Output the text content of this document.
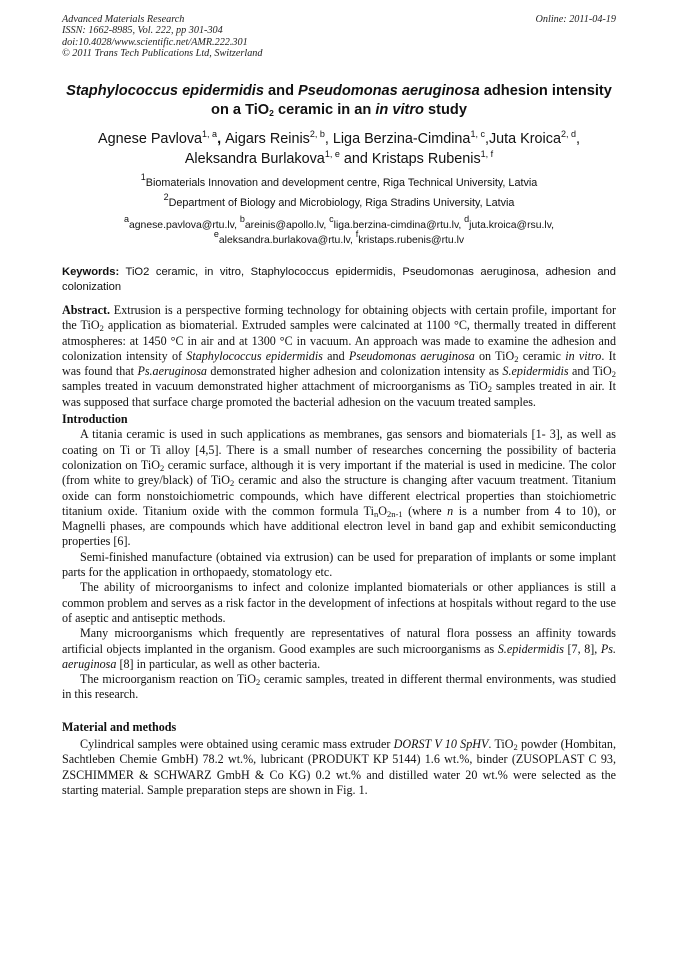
Advanced Materials Research
ISSN: 1662-8985, Vol. 222, pp 301-304
doi:10.4028/www.scientific.net/AMR.222.301
© 2011 Trans Tech Publications Ltd, Switzerland
Online: 2011-04-19
Staphylococcus epidermidis and Pseudomonas aeruginosa adhesion intensity on a TiO$_2$ ceramic in an in vitro study
Agnese Pavlova$^{1, a}$, Aigars Reinis$^{2, b}$, Liga Berzina-Cimdina$^{1, c}$,Juta Kroica$^{2, d}$,
Aleksandra Burlakova$^{1, e}$ and Kristaps Rubenis$^{1, f}$
$^1$Biomaterials Innovation and development centre, Riga Technical University, Latvia
$^2$Department of Biology and Microbiology, Riga Stradins University, Latvia
aagnese.pavlova@rtu.lv, bareinis@apollo.lv, cliga.berzina-cimdina@rtu.lv, djuta.kroica@rsu.lv,
ealeksandra.burlakova@rtu.lv, fkristaps.rubenis@rtu.lv
Keywords: TiO2 ceramic, in vitro, Staphylococcus epidermidis, Pseudomonas aeruginosa, adhesion and colonization

Abstract. Extrusion is a perspective forming technology for obtaining objects with certain profile, important for the TiO$_2$ application as biomaterial. Extruded samples were calcinated at 1100 °C, thermally treated in different atmospheres: at 1450 °C in air and at 1300 °C in vacuum. An approach was made to examine the adhesion and colonization intensity of Staphylococcus epidermidis and Pseudomonas aeruginosa on TiO$_2$ ceramic in vitro. It was found that Ps.aeruginosa demonstrated higher adhesion and colonization intensity as S.epidermidis and TiO$_2$ samples treated in vacuum demonstrated higher attachment of microorganisms as TiO$_2$ samples treated in air. It was supposed that surface charge promoted the bacterial adhesion on the vacuum treated samples.

Introduction

A titania ceramic is used in such applications as membranes, gas sensors and biomaterials [1- 3], as well as coating on Ti or Ti alloy [4,5]. There is a small number of researches concerning the possibility of bacteria colonization on TiO$_2$ ceramic surface, although it is very important if the material is used in medicine. The color (from white to grey/black) of TiO$_2$ ceramic and also the structure is changing after vacuum treatment. Titanium oxide can form nonstoichiometric compounds, which have different electrical properties than stoichiometric titanium oxide. Titanium oxide with the common formula $Ti_nO_{2n-1}$ (where n is a number from 4 to 10), or Magnelli phases, are compounds which have additional electron level in band gap and exhibit semiconducting properties [6].

Semi-finished manufacture (obtained via extrusion) can be used for preparation of implants or some implant parts for the application in orthopaedy, stomatology etc.

The ability of microorganisms to infect and colonize implanted biomaterials or other appliances is still a common problem and serves as a risk factor in the development of infections at hospitals without regard to the use of aseptic and antiseptic methods.

Many microorganisms which frequently are representatives of natural flora possess an affinity towards artificial objects implanted in the organism. Good examples are such microorganisms as S.epidermidis [7, 8], Ps. aeruginosa [8] in particular, as well as other bacteria.

The microorganism reaction on TiO$_2$ ceramic samples, treated in different thermal environments, was studied in this research.

Material and methods

Cylindrical samples were obtained using ceramic mass extruder DORST V 10 SpHV. TiO$_2$ powder (Hombitan, Sachtleben Chemie GmbH) 78.2 wt.%, lubricant (PRODUKT KP 5144) 1.6 wt.%, binder (ZUSOPLAST C 93, ZSCHIMMER & SCHWARZ GmbH & Co KG) 0.2 wt.% and distilled water 20 wt.% were selected as the starting material. Sample preparation steps are shown in Fig. 1.
